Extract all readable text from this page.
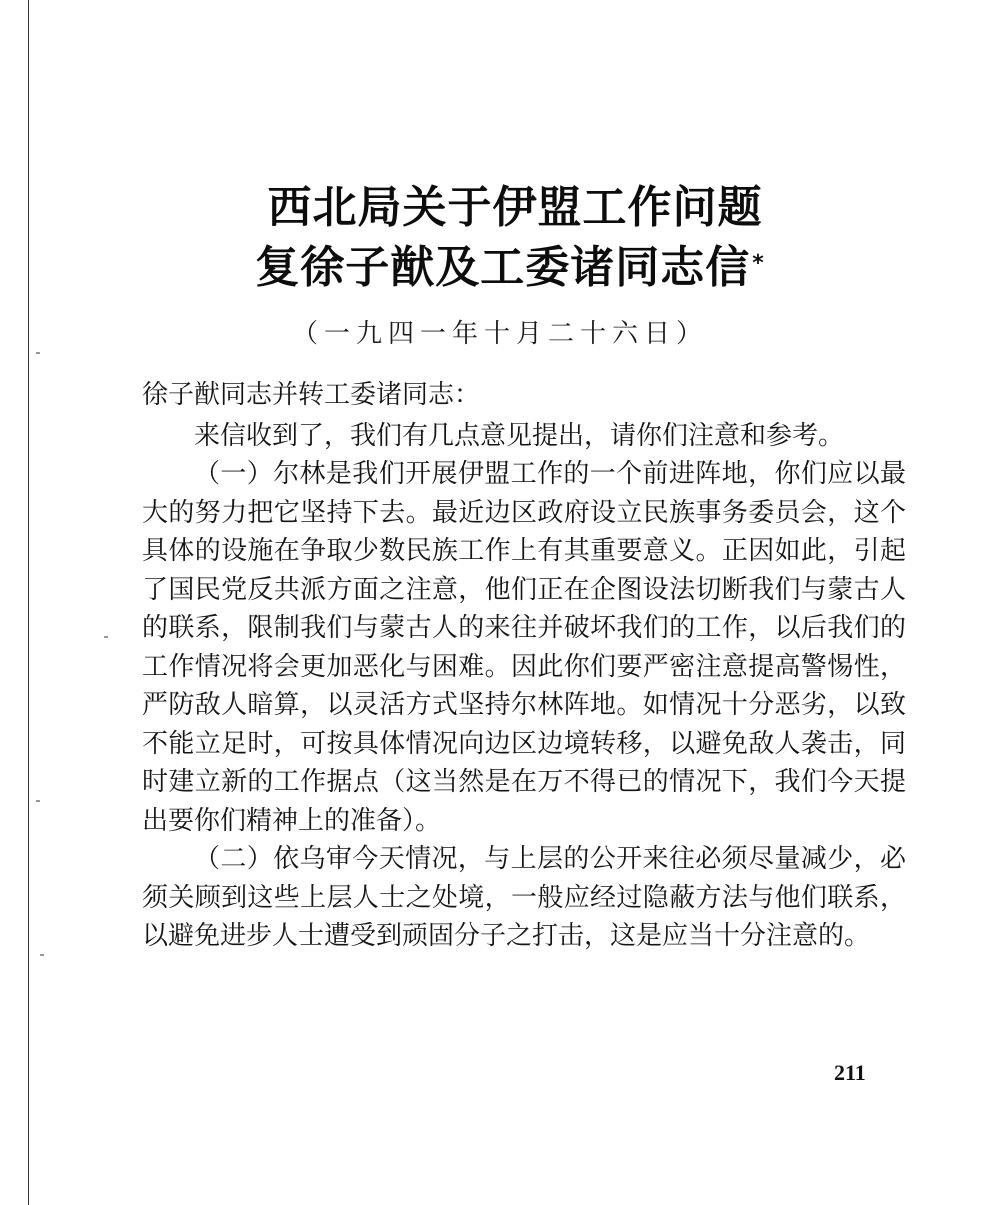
西北局关于伊盟工作问题
复徐子猷及工委诸同志信*
（一九四一年十月二十六日）

徐子猷同志并转工委诸同志：

来信收到了，我们有几点意见提出，请你们注意和参考。

（一）尔林是我们开展伊盟工作的一个前进阵地，你们应以最大的努力把它坚持下去。最近边区政府设立民族事务委员会，这个具体的设施在争取少数民族工作上有其重要意义。正因如此，引起了国民党反共派方面之注意，他们正在企图设法切断我们与蒙古人的联系，限制我们与蒙古人的来往并破坏我们的工作，以后我们的工作情况将会更加恶化与困难。因此你们要严密注意提高警惕性，严防敌人暗算，以灵活方式坚持尔林阵地。如情况十分恶劣，以致不能立足时，可按具体情况向边区边境转移，以避免敌人袭击，同时建立新的工作据点（这当然是在万不得已的情况下，我们今天提出要你们精神上的准备）。

（二）依乌审今天情况，与上层的公开来往必须尽量减少，必须关顾到这些上层人士之处境，一般应经过隐蔽方法与他们联系，以避免进步人士遭受到顽固分子之打击，这是应当十分注意的。

211
